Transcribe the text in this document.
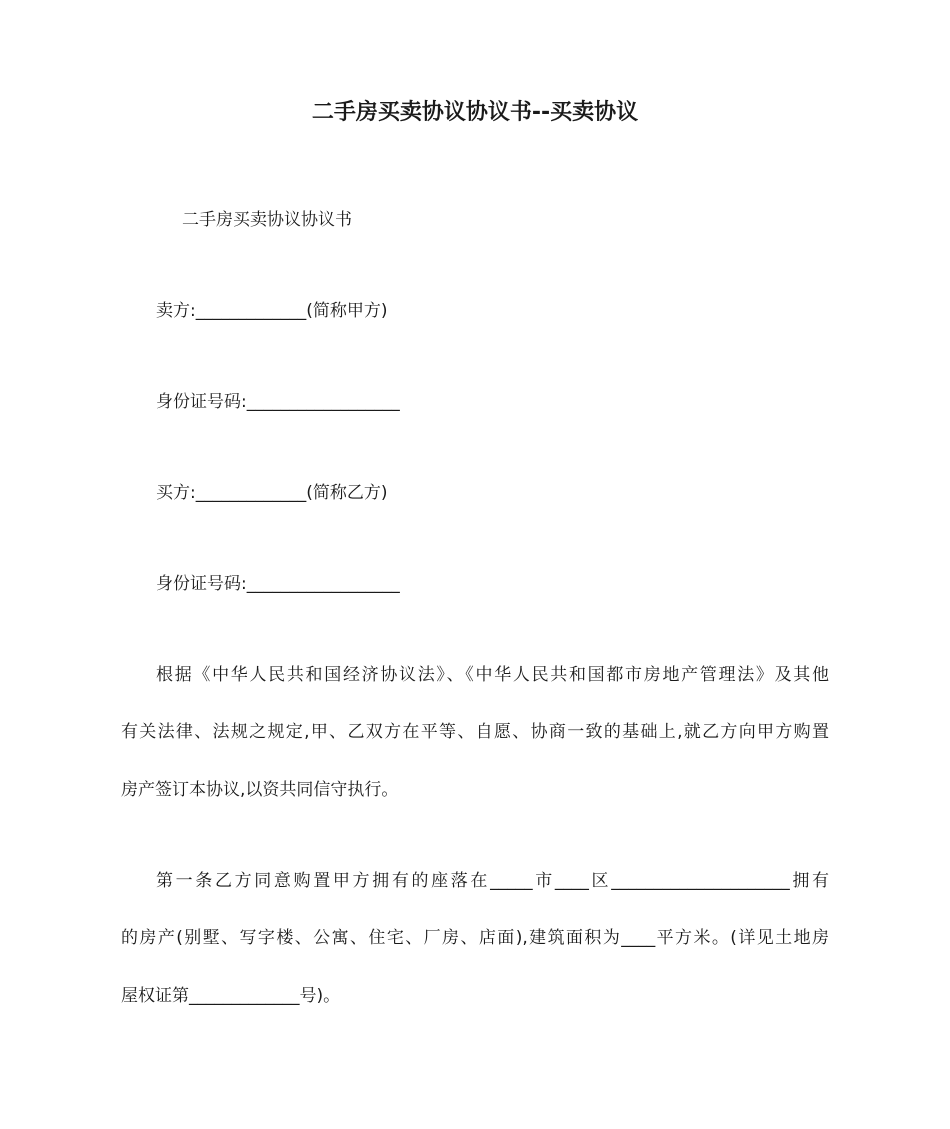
二手房买卖协议协议书--买卖协议
二手房买卖协议协议书
卖方:_____________(简称甲方)
身份证号码:__________________
买方:_____________(简称乙方)
身份证号码:__________________
根据《中华人民共和国经济协议法》、《中华人民共和国都市房地产管理法》及其他
有关法律、法规之规定,甲、乙双方在平等、自愿、协商一致的基础上,就乙方向甲方购置
房产签订本协议,以资共同信守执行。
第一条乙方同意购置甲方拥有的座落在_____市____区_____________________拥有
的房产(别墅、写字楼、公寓、住宅、厂房、店面),建筑面积为____平方米。(详见土地房
屋权证第_____________号)。
